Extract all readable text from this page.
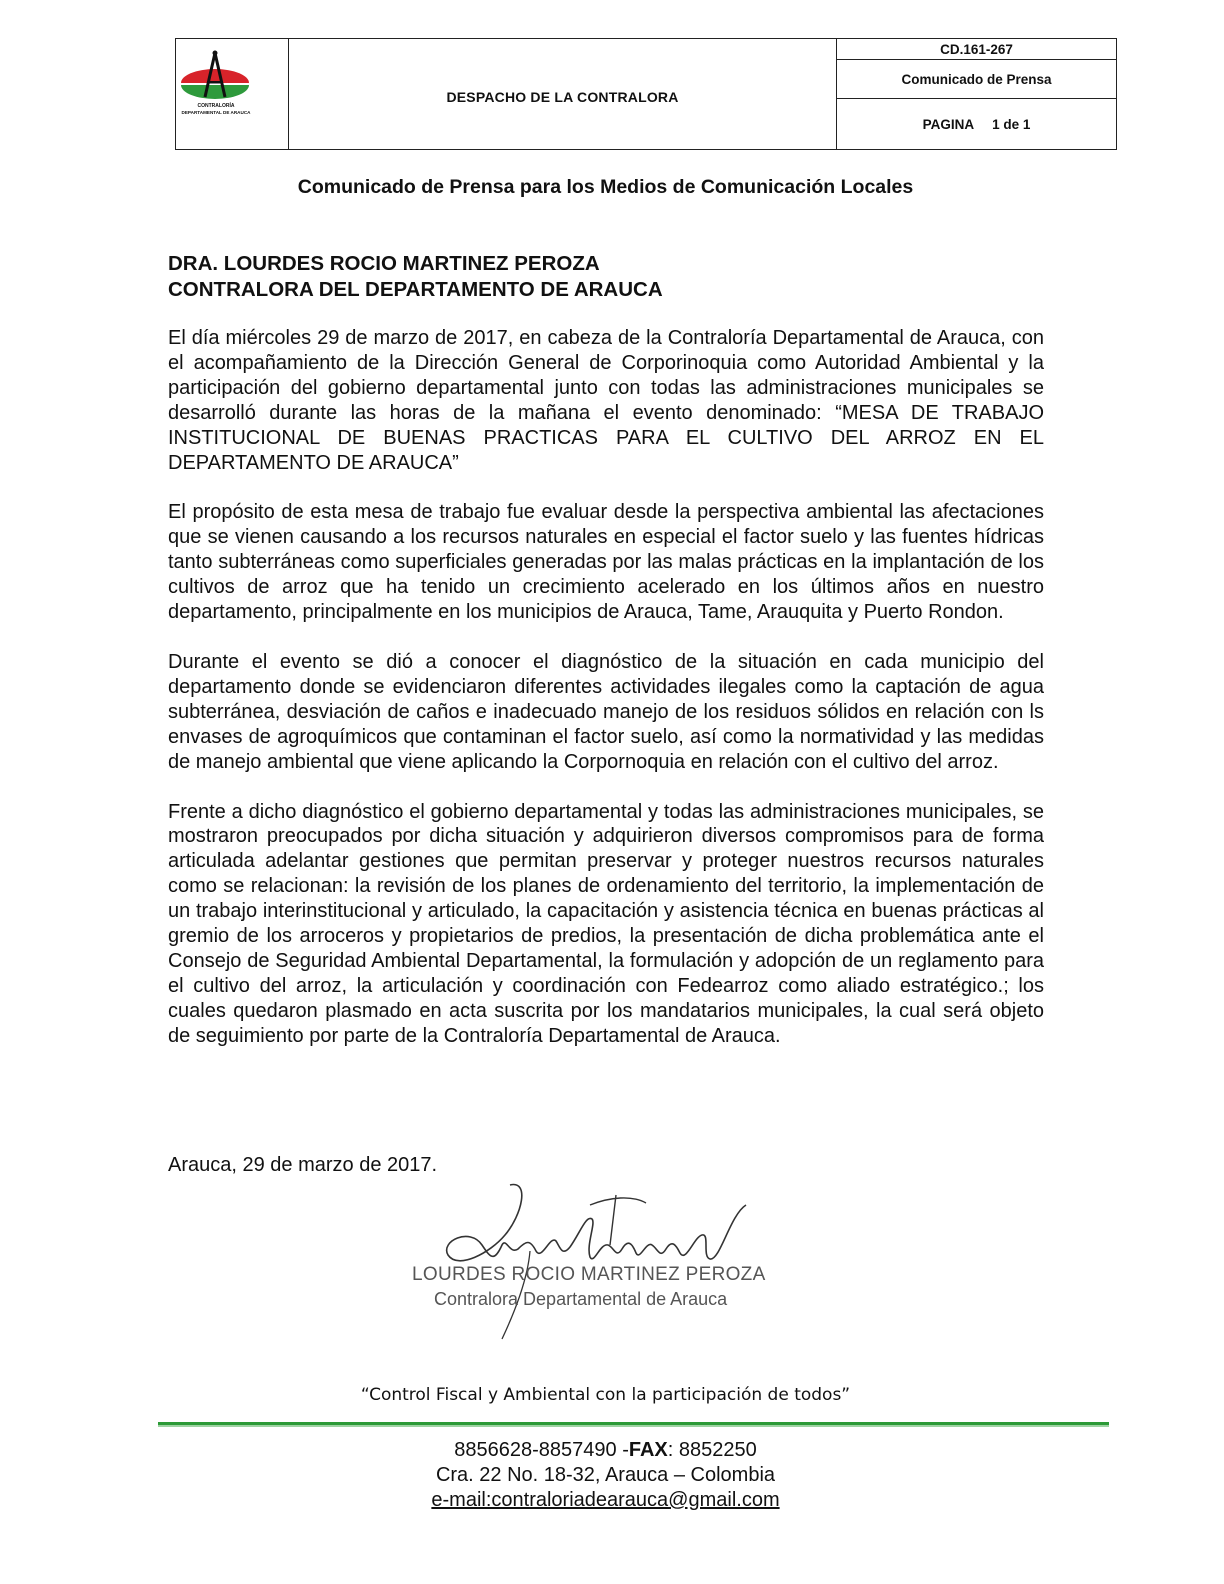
CONTRALORÍA
DEPARTAMENTAL DE ARAUCA
DESPACHO DE LA CONTRALORA
CD.161-267
Comunicado de Prensa
PAGINA 1 de 1
Comunicado de Prensa para los Medios de Comunicación Locales
DRA. LOURDES ROCIO MARTINEZ PEROZA
CONTRALORA DEL DEPARTAMENTO DE ARAUCA

El día miércoles 29 de marzo de 2017, en cabeza de la Contraloría Departamental de Arauca, con el acompañamiento de la Dirección General de Corporinoquia como Autoridad Ambiental y la participación del gobierno departamental junto con todas las administraciones municipales se desarrolló durante las horas de la mañana el evento denominado: “MESA DE TRABAJO INSTITUCIONAL DE BUENAS PRACTICAS PARA EL CULTIVO DEL ARROZ EN EL DEPARTAMENTO DE ARAUCA”

El propósito de esta mesa de trabajo fue evaluar desde la perspectiva ambiental las afectaciones que se vienen causando a los recursos naturales en especial el factor suelo y las fuentes hídricas tanto subterráneas como superficiales generadas por las malas prácticas en la implantación de los cultivos de arroz que ha tenido un crecimiento acelerado en los últimos años en nuestro departamento, principalmente en los municipios de Arauca, Tame, Arauquita y Puerto Rondon.

Durante el evento se dió a conocer el diagnóstico de la situación en cada municipio del departamento donde se evidenciaron diferentes actividades ilegales como la captación de agua subterránea, desviación de caños e inadecuado manejo de los residuos sólidos en relación con ls envases de agroquímicos que contaminan el factor suelo, así como la normatividad y las medidas de manejo ambiental que viene aplicando la Corpornoquia en relación con el cultivo del arroz.

Frente a dicho diagnóstico el gobierno departamental y todas las administraciones municipales, se mostraron preocupados por dicha situación y adquirieron diversos compromisos para de forma articulada adelantar gestiones que permitan preservar y proteger nuestros recursos naturales como se relacionan: la revisión de los planes de ordenamiento del territorio, la implementación de un trabajo interinstitucional y articulado, la capacitación y asistencia técnica en buenas prácticas al gremio de los arroceros y propietarios de predios, la presentación de dicha problemática ante el Consejo de Seguridad Ambiental Departamental, la formulación y adopción de un reglamento para el cultivo del arroz, la articulación y coordinación con Fedearroz como aliado estratégico.; los cuales quedaron plasmado en acta suscrita por los mandatarios municipales, la cual será objeto de seguimiento por parte de la Contraloría Departamental de Arauca.

Arauca, 29 de marzo de 2017.
LOURDES ROCIO MARTINEZ PEROZA
Contralora Departamental de Arauca
“Control Fiscal y Ambiental con la participación de todos”
8856628-8857490 -FAX: 8852250
Cra. 22 No. 18-32, Arauca – Colombia
e-mail:contraloriadearauca@gmail.com
